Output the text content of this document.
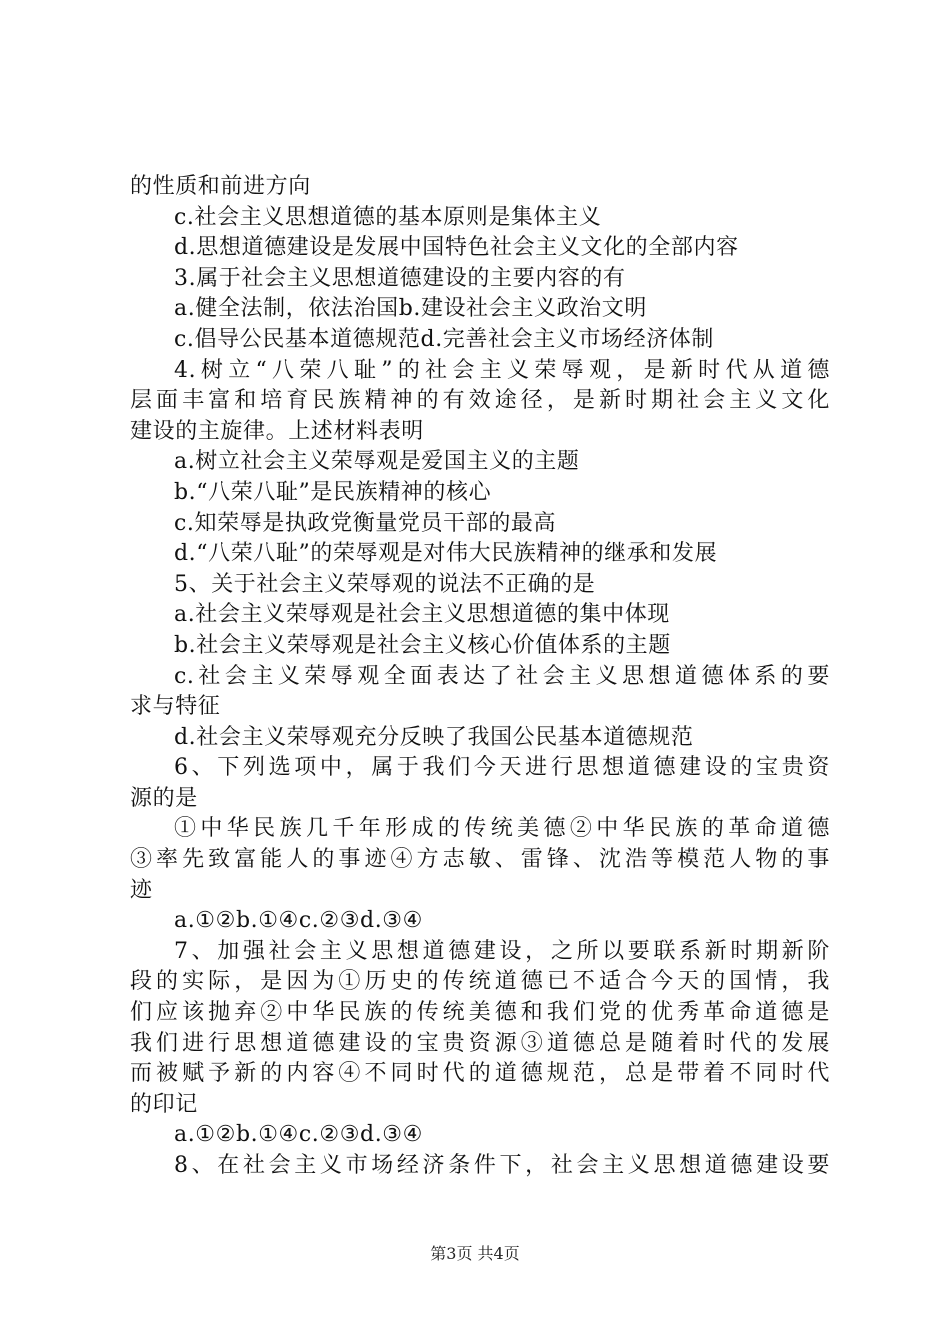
的性质和前进方向
c.社会主义思想道德的基本原则是集体主义
d.思想道德建设是发展中国特色社会主义文化的全部内容
3.属于社会主义思想道德建设的主要内容的有
a.健全法制，依法治国b.建设社会主义政治文明
c.倡导公民基本道德规范d.完善社会主义市场经济体制
4.树立“八荣八耻”的社会主义荣辱观，是新时代从道德
层面丰富和培育民族精神的有效途径，是新时期社会主义文化
建设的主旋律。上述材料表明
a.树立社会主义荣辱观是爱国主义的主题
b.“八荣八耻”是民族精神的核心
c.知荣辱是执政党衡量党员干部的最高
d.“八荣八耻”的荣辱观是对伟大民族精神的继承和发展
5、关于社会主义荣辱观的说法不正确的是
a.社会主义荣辱观是社会主义思想道德的集中体现
b.社会主义荣辱观是社会主义核心价值体系的主题
c.社会主义荣辱观全面表达了社会主义思想道德体系的要
求与特征
d.社会主义荣辱观充分反映了我国公民基本道德规范
6、下列选项中，属于我们今天进行思想道德建设的宝贵资
源的是
①中华民族几千年形成的传统美德②中华民族的革命道德
③率先致富能人的事迹④方志敏、雷锋、沈浩等模范人物的事
迹
a.①②b.①④c.②③d.③④
7、加强社会主义思想道德建设，之所以要联系新时期新阶
段的实际，是因为①历史的传统道德已不适合今天的国情，我
们应该抛弃②中华民族的传统美德和我们党的优秀革命道德是
我们进行思想道德建设的宝贵资源③道德总是随着时代的发展
而被赋予新的内容④不同时代的道德规范，总是带着不同时代
的印记
a.①②b.①④c.②③d.③④
8、在社会主义市场经济条件下，社会主义思想道德建设要
第3页 共4页
